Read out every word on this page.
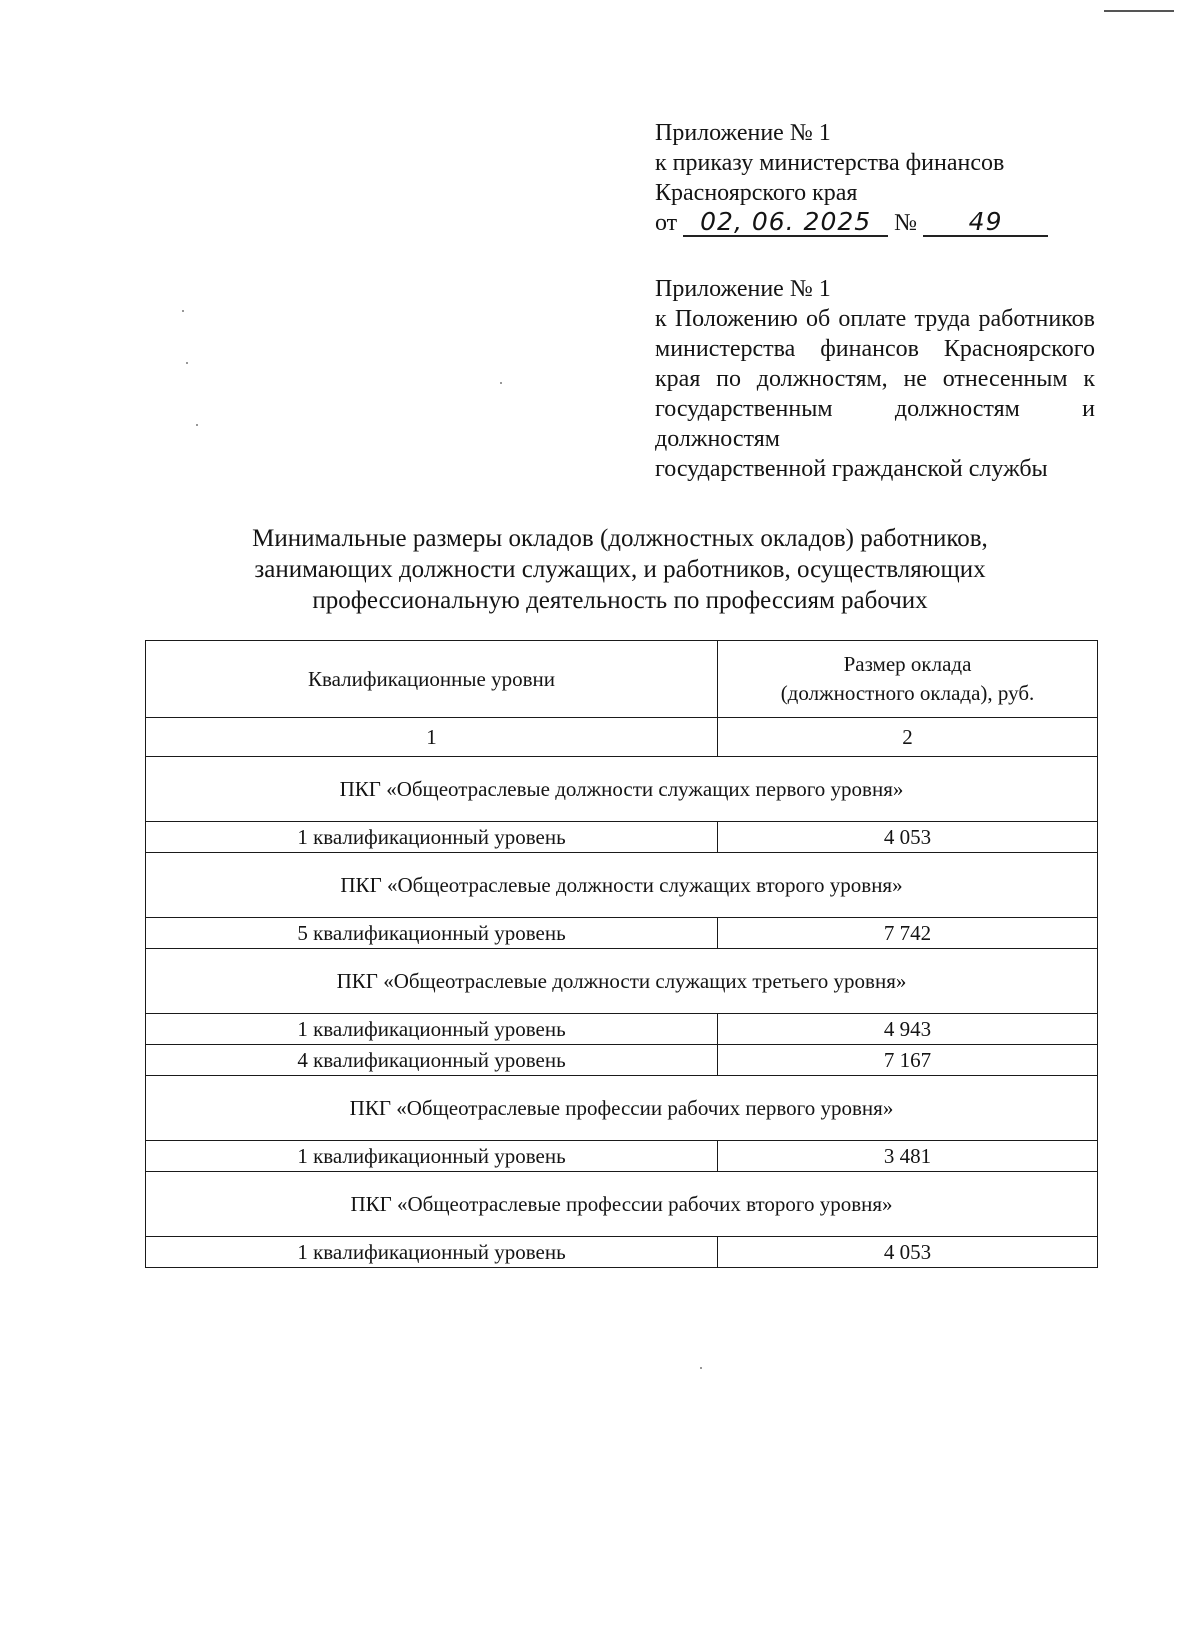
Приложение № 1
к приказу министерства финансов
Красноярского края
от 02, 06. 2025 № 49
Приложение № 1
к Положению об оплате труда работников министерства финансов Красноярского края по должностям, не отнесенным к государственным должностям и должностям
государственной гражданской службы
Минимальные размеры окладов (должностных окладов) работников,
занимающих должности служащих, и работников, осуществляющих
профессиональную деятельность по профессиям рабочих
Квалификационные уровни	Размер оклада
(должностного оклада), руб.
1	2
ПКГ «Общеотраслевые должности служащих первого уровня»	
1 квалификационный уровень	4 053
ПКГ «Общеотраслевые должности служащих второго уровня»	
5 квалификационный уровень	7 742
ПКГ «Общеотраслевые должности служащих третьего уровня»	
1 квалификационный уровень	4 943
4 квалификационный уровень	7 167
ПКГ «Общеотраслевые профессии рабочих первого уровня»	
1 квалификационный уровень	3 481
ПКГ «Общеотраслевые профессии рабочих второго уровня»	
1 квалификационный уровень	4 053
